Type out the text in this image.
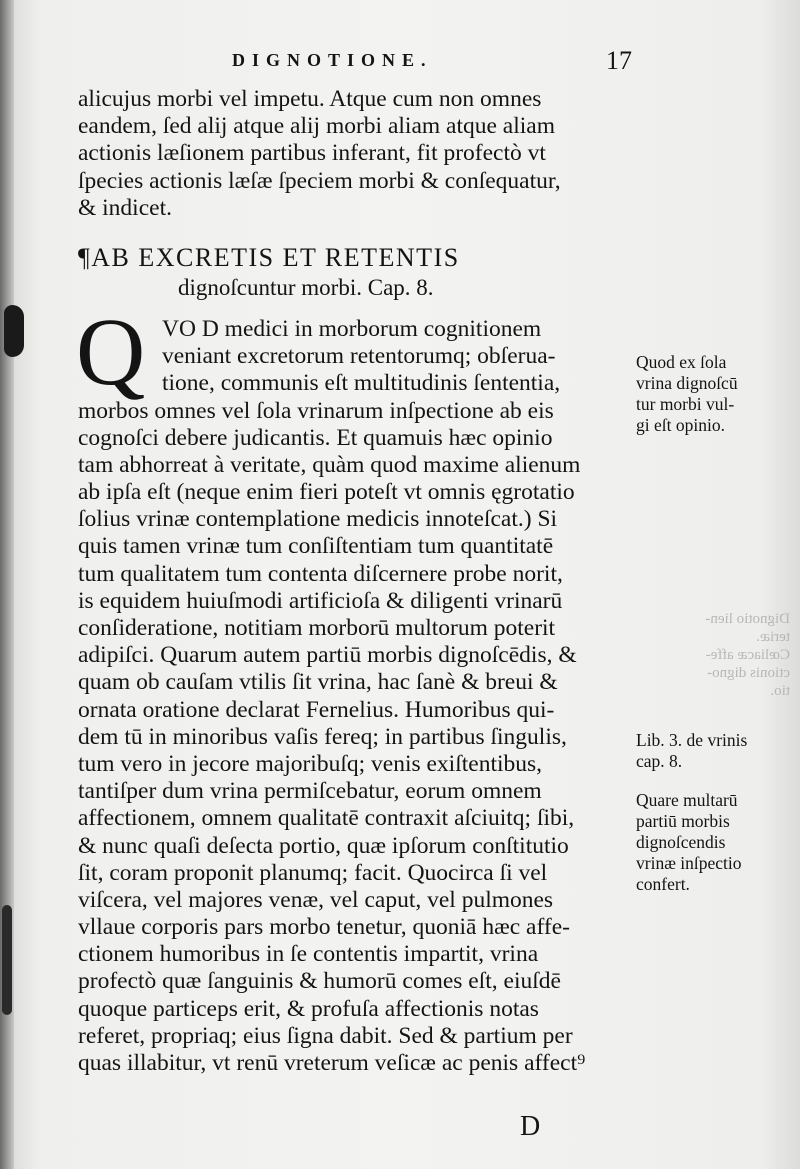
Dignotio lien-
teriæ.
Cœliacæ affe-
ctionis digno-
tio.
DIGNOTIONE.	17
alicujus morbi vel impetu. Atque cum non omnes
eandem, ſed alij atque alij morbi aliam atque aliam
actionis læſionem partibus inferant, fit profectò vt
ſpecies actionis læſæ ſpeciem morbi & conſequatur,
& indicet.
¶AB EXCRETIS ET RETENTIS
dignoſcuntur morbi. Cap. 8.
Q VO D medici in morborum cognitionem
veniant excretorum retentorumq; obſerua-
tione, communis eſt multitudinis ſententia,
morbos omnes vel ſola vrinarum inſpectione ab eis
cognoſci debere judicantis. Et quamuis hæc opinio
tam abhorreat à veritate, quàm quod maxime alienum
ab ipſa eſt (neque enim fieri poteſt vt omnis ęgrotatio
ſolius vrinæ contemplatione medicis innoteſcat.) Si
quis tamen vrinæ tum conſiſtentiam tum quantitatē
tum qualitatem tum contenta diſcernere probe norit,
is equidem huiuſmodi artificioſa & diligenti vrinarū
conſideratione, notitiam morborū multorum poterit
adipiſci. Quarum autem partiū morbis dignoſcēdis, &
quam ob cauſam vtilis ſit vrina, hac ſanè & breui &
ornata oratione declarat Fernelius. Humoribus qui-
dem tū in minoribus vaſis fereq; in partibus ſingulis,
tum vero in jecore majoribuſq; venis exiſtentibus,
tantiſper dum vrina permiſcebatur, eorum omnem
affectionem, omnem qualitatē contraxit aſciuitq; ſibi,
& nunc quaſi deſecta portio, quæ ipſorum conſtitutio
ſit, coram proponit planumq; facit. Quocirca ſi vel
viſcera, vel majores venæ, vel caput, vel pulmones
vllaue corporis pars morbo tenetur, quoniā hæc affe-
ctionem humoribus in ſe contentis impartit, vrina
profectò quæ ſanguinis & humorū comes eſt, eiuſdē
quoque particeps erit, & profuſa affectionis notas
referet, propriaq; eius ſigna dabit. Sed & partium per
quas illabitur, vt renū vreterum veſicæ ac penis affect⁹
Quod ex ſola
vrina dignoſcū
tur morbi vul-
gi eſt opinio.
Lib. 3. de vrinis
cap. 8.
Quare multarū
partiū morbis
dignoſcendis
vrinæ inſpectio
confert.
D
